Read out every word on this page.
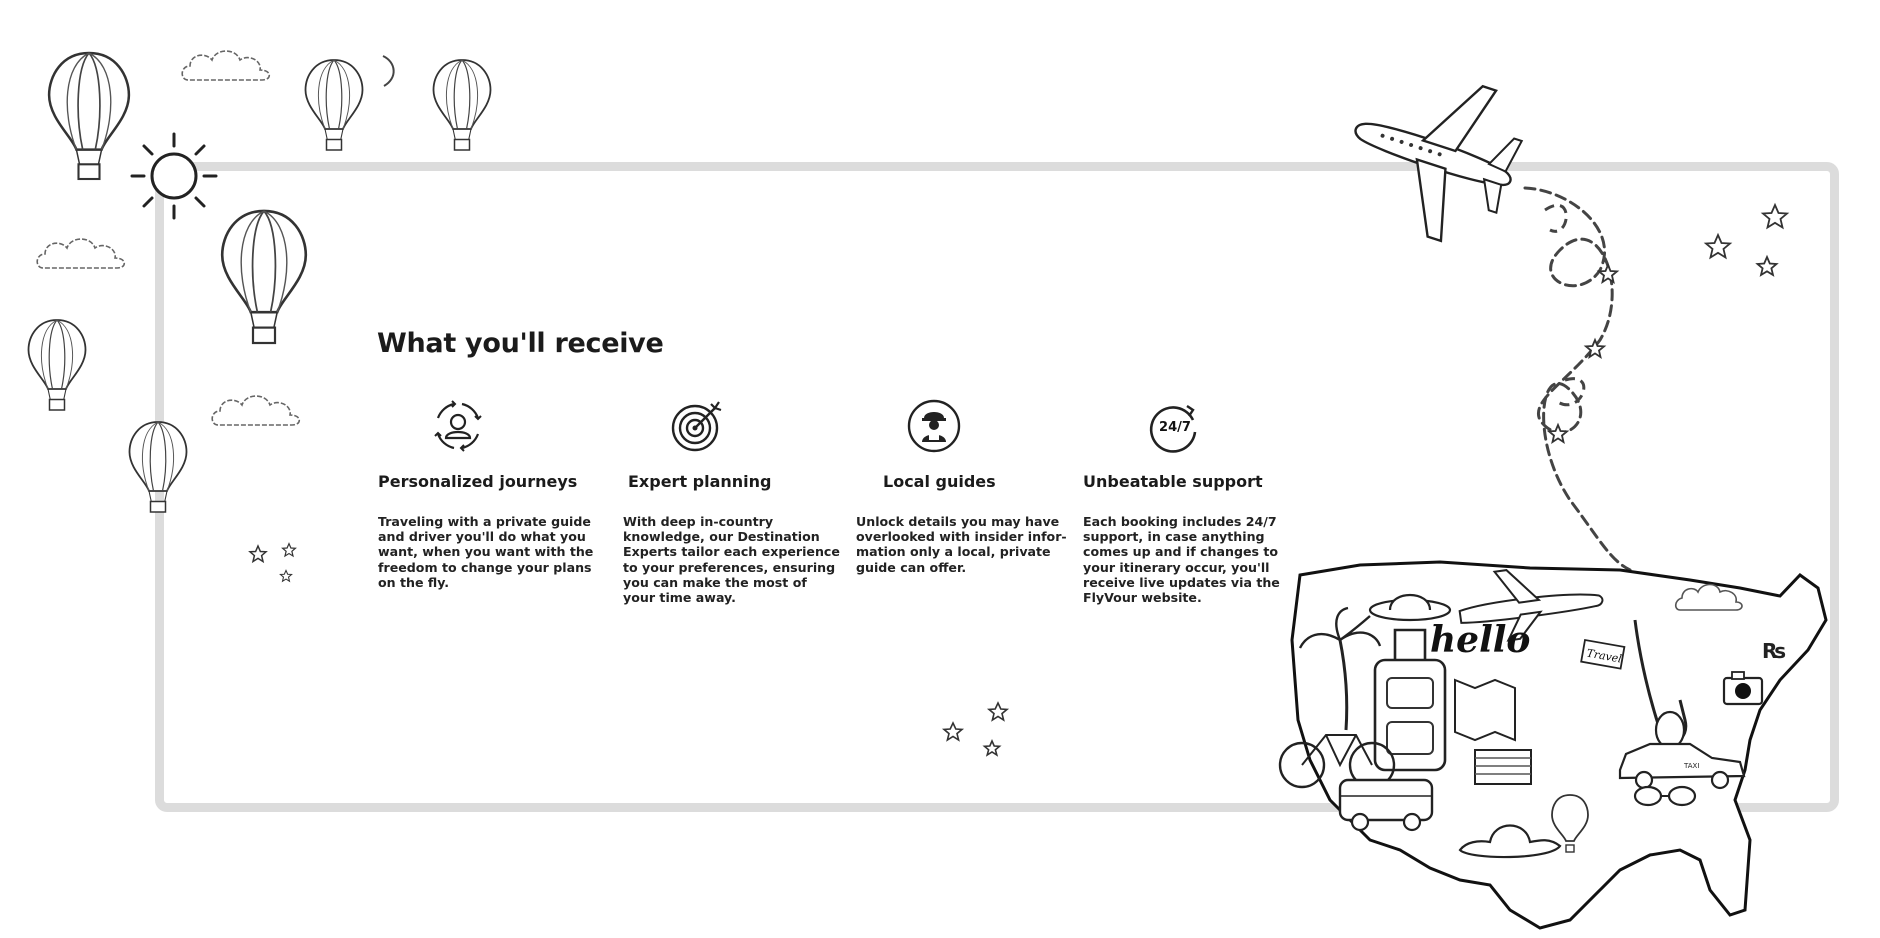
hello	Travel	₨
TAXI
What you'll receive
Personalized journeys
Traveling with a private guide
and driver you'll do what you
want, when you want with the
freedom to change your plans
on the fly.
Expert planning
With deep in-country
knowledge, our Destination
Experts tailor each experience
to your preferences, ensuring
you can make the most of
your time away.
Local guides
Unlock details you may have
overlooked with insider infor-
mation only a local, private
guide can offer.
24/7
Unbeatable support
Each booking includes 24/7
support, in case anything
comes up and if changes to
your itinerary occur, you'll
receive live updates via the
FlyVour website.
